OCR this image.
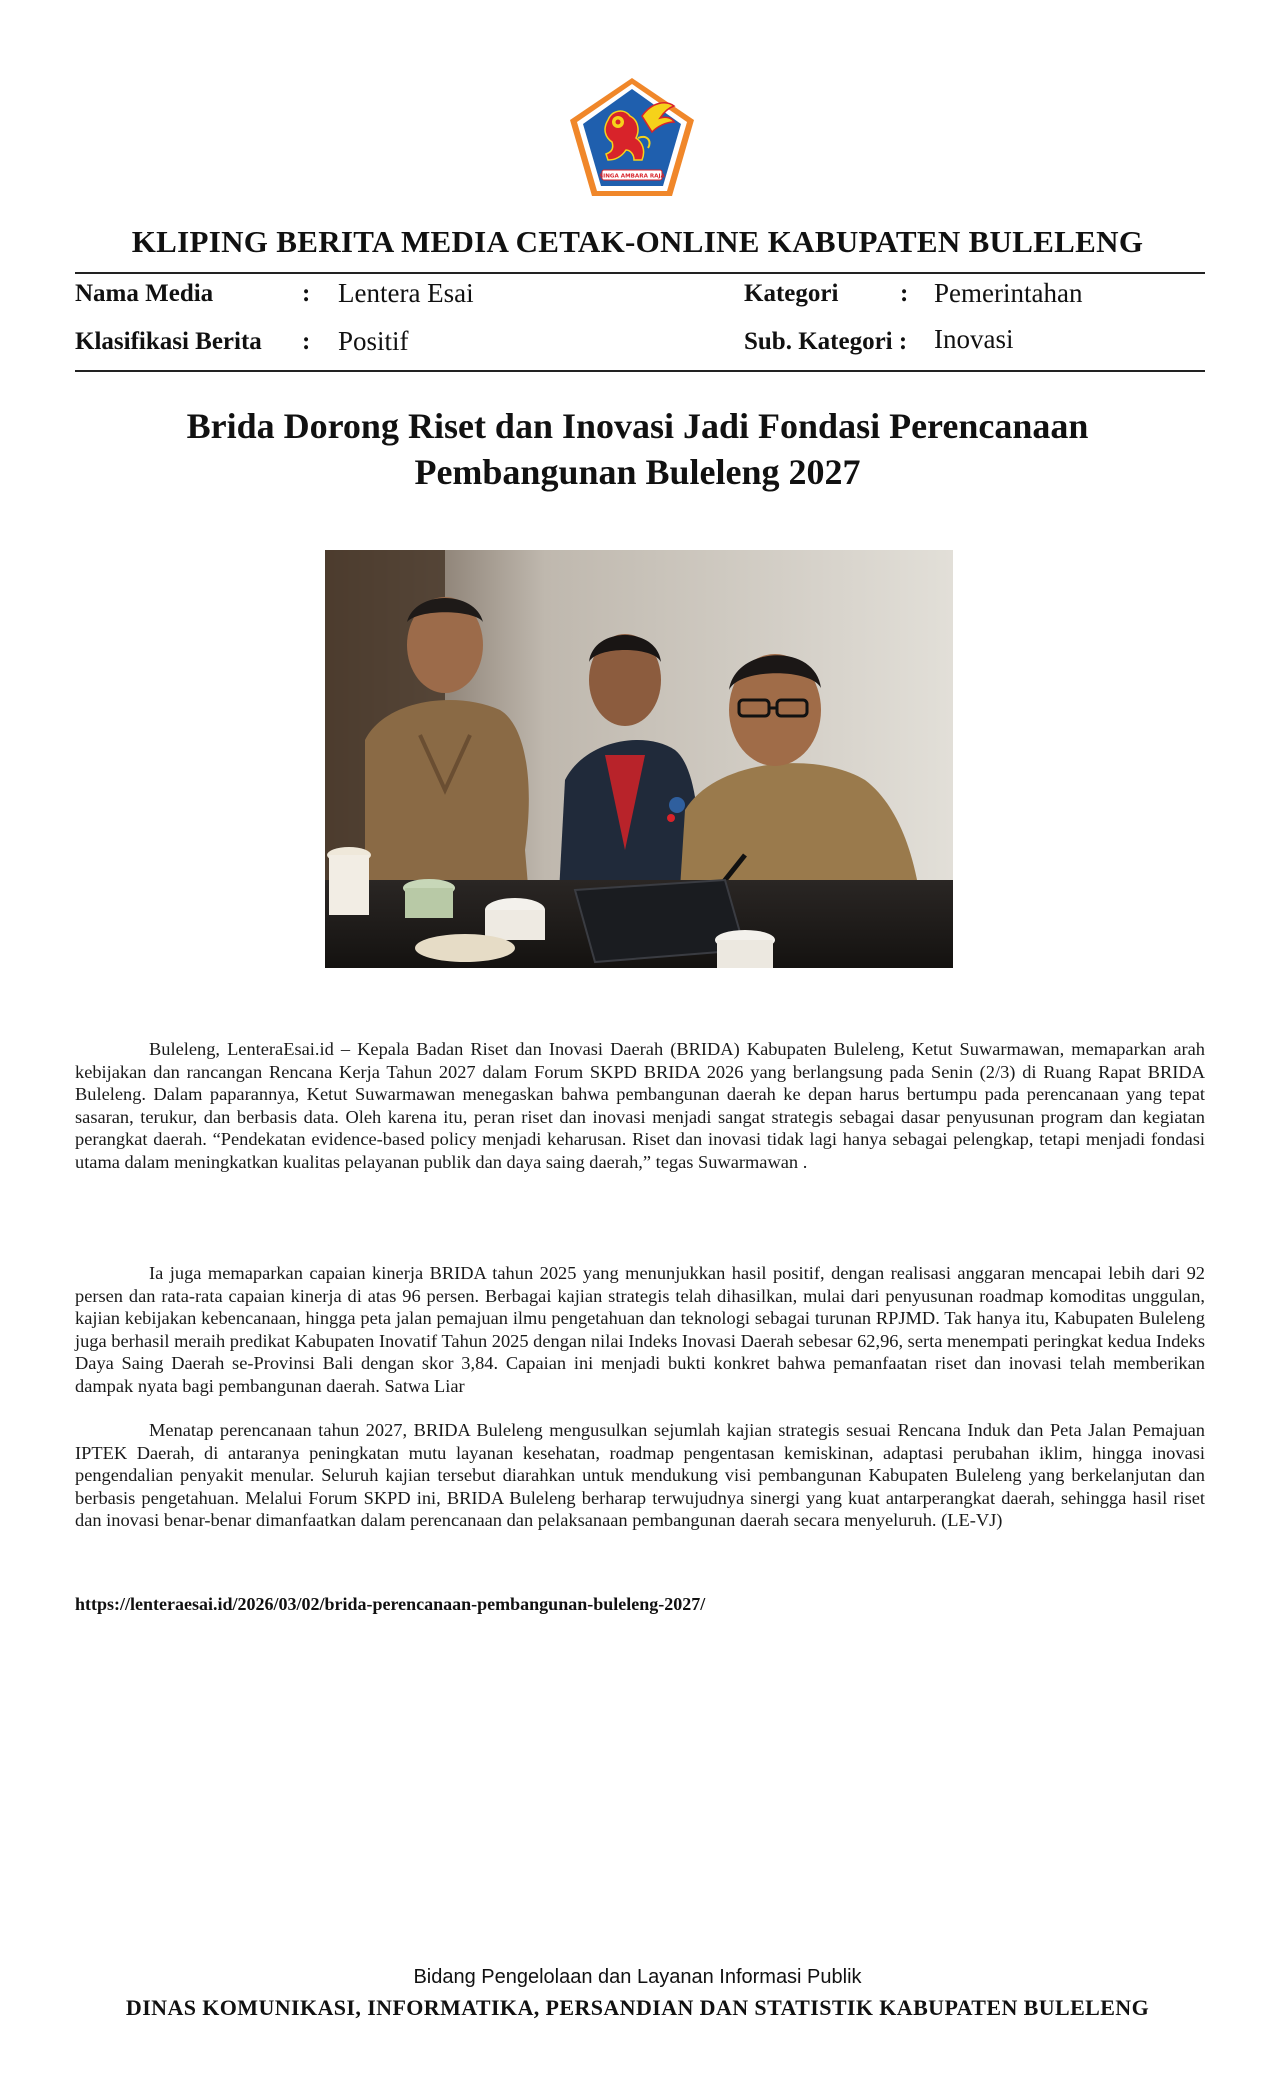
SINGA AMBARA RAJA
KLIPING BERITA MEDIA CETAK-ONLINE KABUPATEN BULELENG
Nama Media	: Lentera Esai	Kategori : Pemerintahan
Klasifikasi Berita : Positif	Sub. Kategori : Inovasi
Brida Dorong Riset dan Inovasi Jadi Fondasi Perencanaan
Pembangunan Buleleng 2027

Buleleng, LenteraEsai.id – Kepala Badan Riset dan Inovasi Daerah (BRIDA) Kabupaten Buleleng, Ketut Suwarmawan, memaparkan arah kebijakan dan rancangan Rencana Kerja Tahun 2027 dalam Forum SKPD BRIDA 2026 yang berlangsung pada Senin (2/3) di Ruang Rapat BRIDA Buleleng. Dalam paparannya, Ketut Suwarmawan menegaskan bahwa pembangunan daerah ke depan harus bertumpu pada perencanaan yang tepat sasaran, terukur, dan berbasis data. Oleh karena itu, peran riset dan inovasi menjadi sangat strategis sebagai dasar penyusunan program dan kegiatan perangkat daerah. “Pendekatan evidence-based policy menjadi keharusan. Riset dan inovasi tidak lagi hanya sebagai pelengkap, tetapi menjadi fondasi utama dalam meningkatkan kualitas pelayanan publik dan daya saing daerah,” tegas Suwarmawan .

Ia juga memaparkan capaian kinerja BRIDA tahun 2025 yang menunjukkan hasil positif, dengan realisasi anggaran mencapai lebih dari 92 persen dan rata-rata capaian kinerja di atas 96 persen. Berbagai kajian strategis telah dihasilkan, mulai dari penyusunan roadmap komoditas unggulan, kajian kebijakan kebencanaan, hingga peta jalan pemajuan ilmu pengetahuan dan teknologi sebagai turunan RPJMD. Tak hanya itu, Kabupaten Buleleng juga berhasil meraih predikat Kabupaten Inovatif Tahun 2025 dengan nilai Indeks Inovasi Daerah sebesar 62,96, serta menempati peringkat kedua Indeks Daya Saing Daerah se-Provinsi Bali dengan skor 3,84. Capaian ini menjadi bukti konkret bahwa pemanfaatan riset dan inovasi telah memberikan dampak nyata bagi pembangunan daerah. Satwa Liar

Menatap perencanaan tahun 2027, BRIDA Buleleng mengusulkan sejumlah kajian strategis sesuai Rencana Induk dan Peta Jalan Pemajuan IPTEK Daerah, di antaranya peningkatan mutu layanan kesehatan, roadmap pengentasan kemiskinan, adaptasi perubahan iklim, hingga inovasi pengendalian penyakit menular. Seluruh kajian tersebut diarahkan untuk mendukung visi pembangunan Kabupaten Buleleng yang berkelanjutan dan berbasis pengetahuan. Melalui Forum SKPD ini, BRIDA Buleleng berharap terwujudnya sinergi yang kuat antarperangkat daerah, sehingga hasil riset dan inovasi benar-benar dimanfaatkan dalam perencanaan dan pelaksanaan pembangunan daerah secara menyeluruh. (LE-VJ)

https://lenteraesai.id/2026/03/02/brida-perencanaan-pembangunan-buleleng-2027/

Bidang Pengelolaan dan Layanan Informasi Publik
DINAS KOMUNIKASI, INFORMATIKA, PERSANDIAN DAN STATISTIK KABUPATEN BULELENG
